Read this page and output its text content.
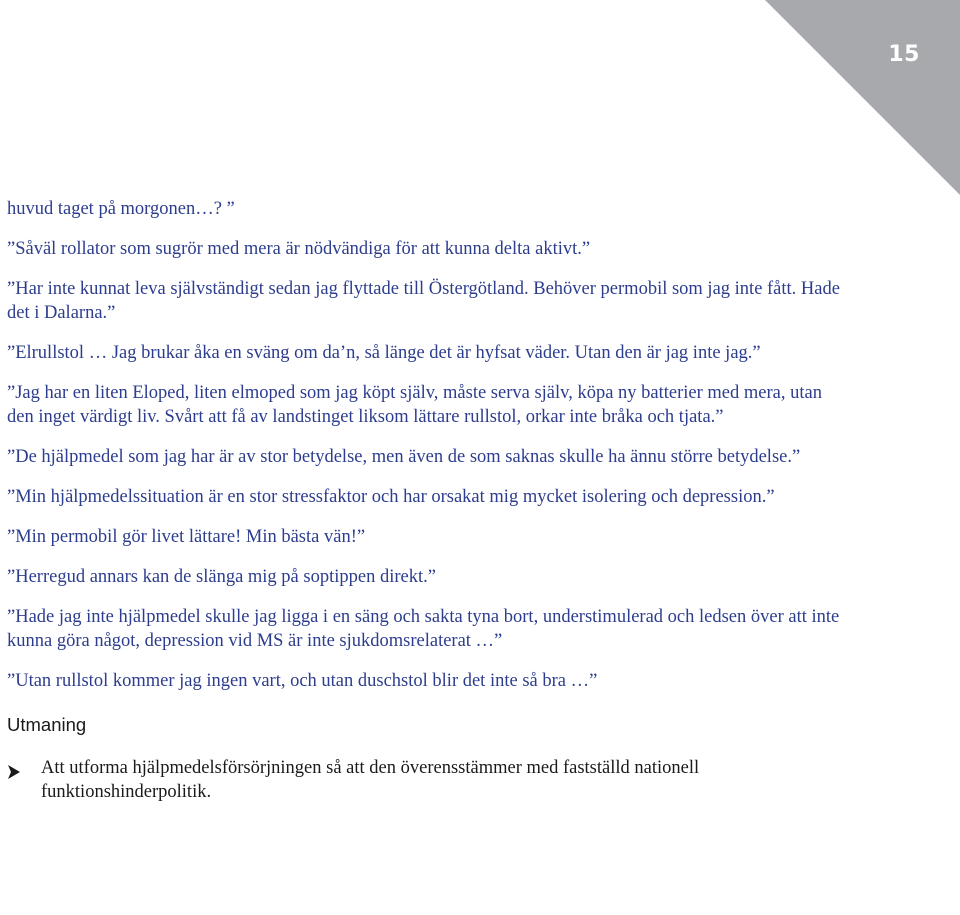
15

huvud taget på morgonen…? ”

”Såväl rollator som sugrör med mera är nödvändiga för att kunna delta aktivt.”

”Har inte kunnat leva självständigt sedan jag flyttade till Östergötland. Behöver permobil som jag inte fått. Hade det i Dalarna.”

”Elrullstol … Jag brukar åka en sväng om da’n, så länge det är hyfsat väder. Utan den är jag inte jag.”

”Jag har en liten Eloped, liten elmoped som jag köpt själv, måste serva själv, köpa ny batterier med mera, utan den inget värdigt liv. Svårt att få av landstinget liksom lättare rullstol, orkar inte bråka och tjata.”

”De hjälpmedel som jag har är av stor betydelse, men även de som saknas skulle ha ännu större betydelse.”

”Min hjälpmedelssituation är en stor stressfaktor och har orsakat mig mycket isolering och depression.”

”Min permobil gör livet lättare! Min bästa vän!”

”Herregud annars kan de slänga mig på soptippen direkt.”

”Hade jag inte hjälpmedel skulle jag ligga i en säng och sakta tyna bort, understimulerad och ledsen över att inte kunna göra något, depression vid MS är inte sjukdomsrelaterat …”

”Utan rullstol kommer jag ingen vart, och utan duschstol blir det inte så bra …”

Utmaning
Att utforma hjälpmedelsförsörjningen så att den överensstämmer med fastställd nationell funktionshinderpolitik.
